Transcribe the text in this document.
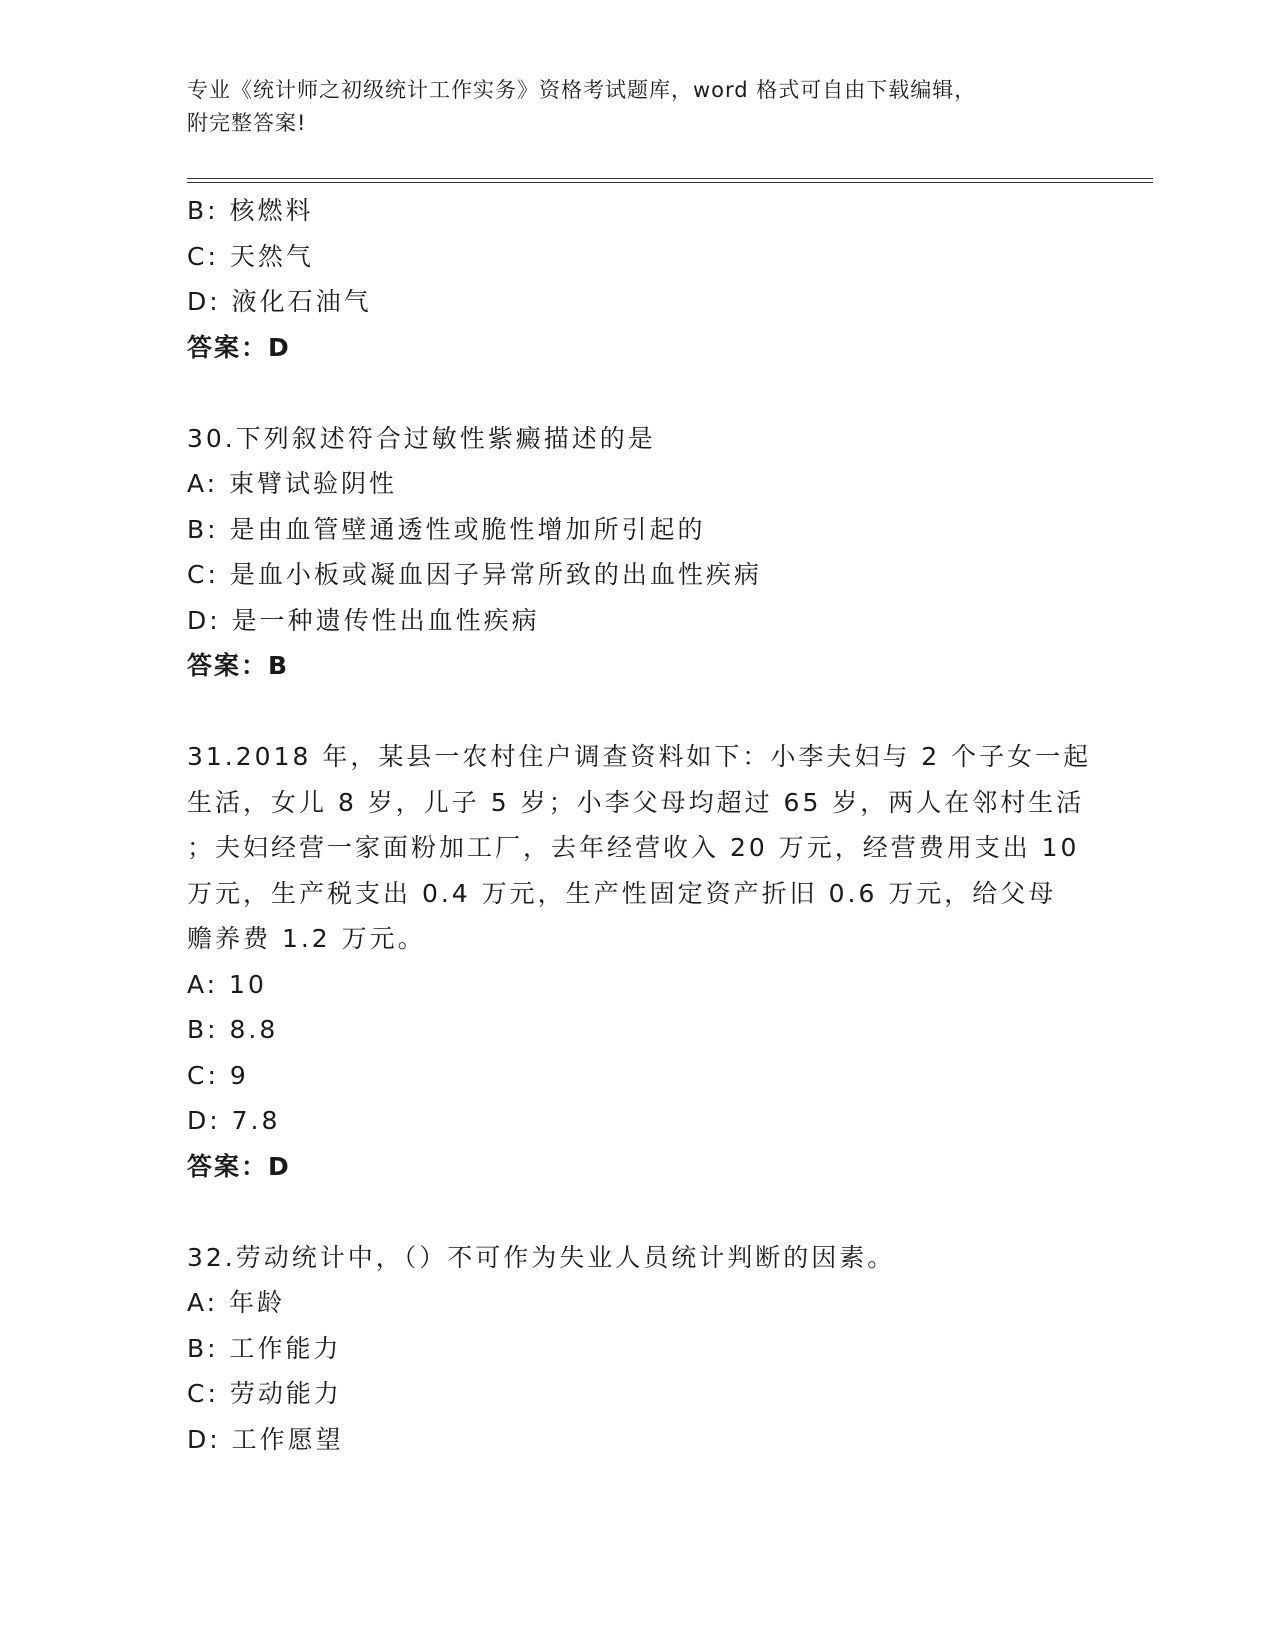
专业《统计师之初级统计工作实务》资格考试题库，word 格式可自由下载编辑，
附完整答案!
B: 核燃料
C: 天然气
D: 液化石油气
答案：D
30.下列叙述符合过敏性紫癜描述的是
A: 束臂试验阴性
B: 是由血管壁通透性或脆性增加所引起的
C: 是血小板或凝血因子异常所致的出血性疾病
D: 是一种遗传性出血性疾病
答案：B
31.2018 年，某县一农村住户调查资料如下：小李夫妇与 2 个子女一起
生活，女儿 8 岁，儿子 5 岁；小李父母均超过 65 岁，两人在邻村生活
；夫妇经营一家面粉加工厂，去年经营收入 20 万元，经营费用支出 10
万元，生产税支出 0.4 万元，生产性固定资产折旧 0.6 万元，给父母
赡养费 1.2 万元。
A: 10
B: 8.8
C: 9
D: 7.8
答案：D
32.劳动统计中，（）不可作为失业人员统计判断的因素。
A: 年龄
B: 工作能力
C: 劳动能力
D: 工作愿望
